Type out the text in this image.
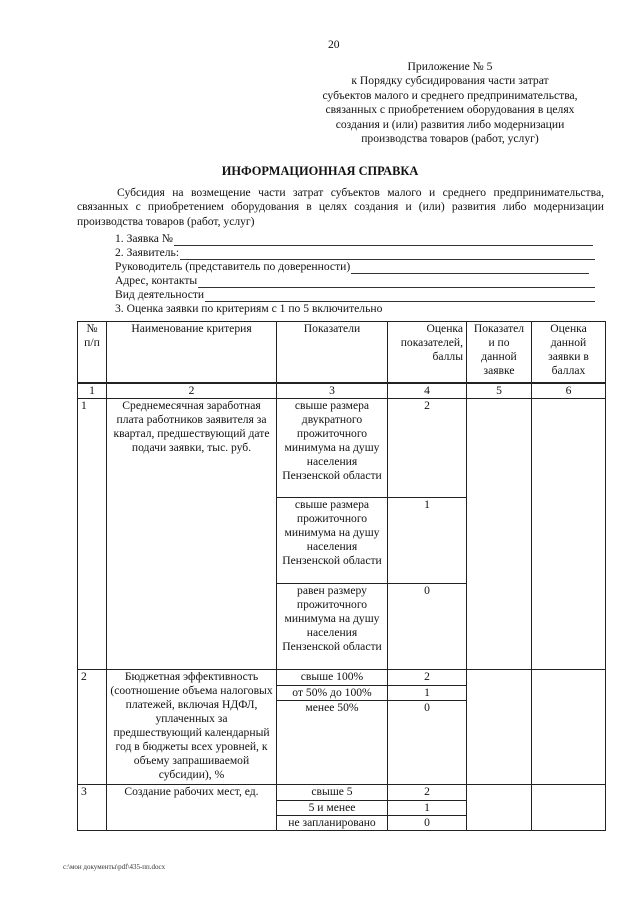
20
Приложение № 5
к Порядку субсидирования части затрат
субъектов малого и среднего предпринимательства,
связанных с приобретением оборудования в целях
создания и (или) развития либо модернизации
производства товаров (работ, услуг)
ИНФОРМАЦИОННАЯ СПРАВКА
Субсидия на возмещение части затрат субъектов малого и среднего предпринимательства, связанных с приобретением оборудования в целях создания и (или) развития либо модернизации производства товаров (работ, услуг)
1. Заявка №
2. Заявитель:
Руководитель (представитель по доверенности)
Адрес, контакты
Вид деятельности
3. Оценка заявки по критериям с 1 по 5 включительно
№ п/п	Наименование критерия	Показатели	Оценка показателей, баллы	Показател и по данной заявке	Оценка данной заявки в баллах
1	2	3	4	5	6
1	Среднемесячная заработная плата работников заявителя за квартал, предшествующий дате подачи заявки, тыс. руб.	свыше размера двукратного прожиточного минимума на душу населения Пензенской области	2		
		свыше размера прожиточного минимума на душу населения Пензенской области	1		
		равен размеру прожиточного минимума на душу населения Пензенской области	0		
2	Бюджетная эффективность (соотношение объема налоговых платежей, включая НДФЛ, уплаченных за предшествующий календарный год в бюджеты всех уровней, к объему запрашиваемой субсидии), %	свыше 100%	2		
		от 50% до 100%	1		
		менее 50%	0		
3	Создание рабочих мест, ед.	свыше 5	2		
		5 и менее	1		
		не запланировано	0		
c:\мои документы\pdf\435-пп.docx
